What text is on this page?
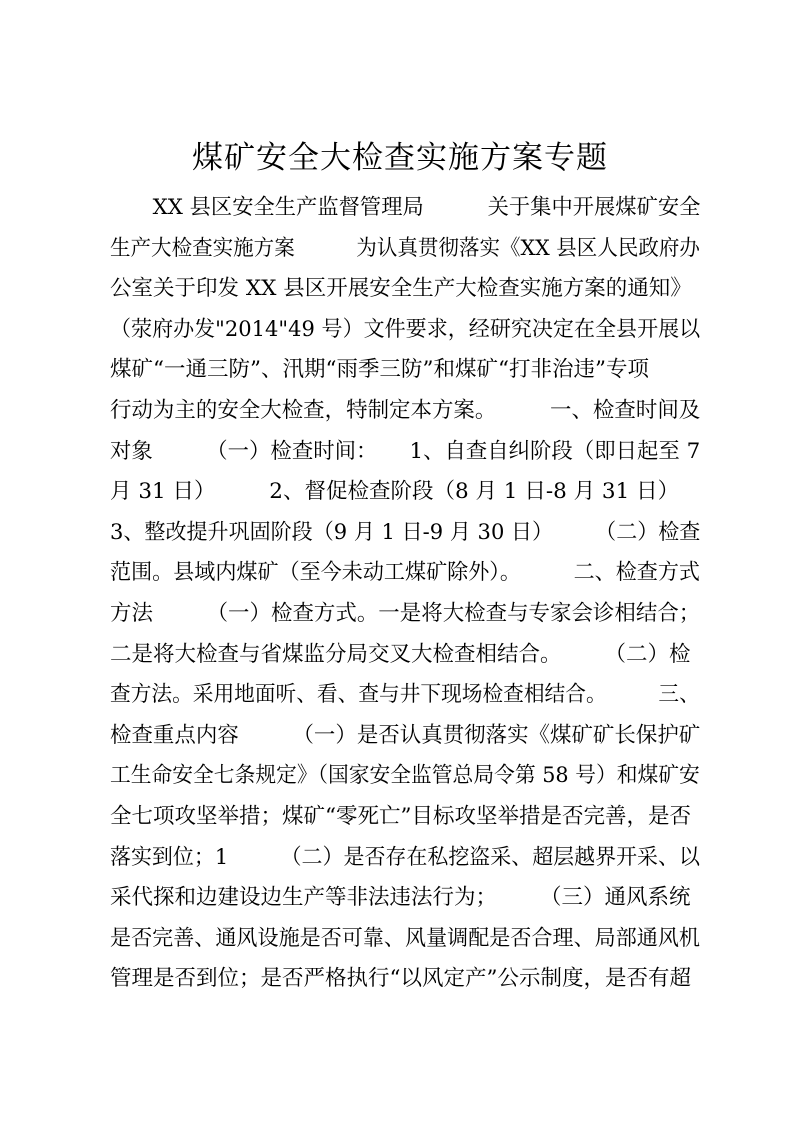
煤矿安全大检查实施方案专题
　　XX 县区安全生产监督管理局　　　关于集中开展煤矿安全
生产大检查实施方案　　　为认真贯彻落实《XX 县区人民政府办
公室关于印发 XX 县区开展安全生产大检查实施方案的通知》
（荥府办发"2014"49 号）文件要求，经研究决定在全县开展以
煤矿“一通三防”、汛期“雨季三防”和煤矿“打非治违”专项
行动为主的安全大检查，特制定本方案。　　　一、检查时间及
对象　　　（一）检查时间：　　1、自查自纠阶段（即日起至 7
月 31 日）　　　2、督促检查阶段（8 月 1 日-8 月 31 日）
3、整改提升巩固阶段（9 月 1 日-9 月 30 日）　　　（二）检查
范围。县域内煤矿（至今未动工煤矿除外）。　　　二、检查方式
方法　　　（一）检查方式。一是将大检查与专家会诊相结合；
二是将大检查与省煤监分局交叉大检查相结合。　　　（二）检
查方法。采用地面听、看、查与井下现场检查相结合。　　　三、
检查重点内容　　　（一）是否认真贯彻落实《煤矿矿长保护矿
工生命安全七条规定》（国家安全监管总局令第 58 号）和煤矿安
全七项攻坚举措；煤矿“零死亡”目标攻坚举措是否完善，是否
落实到位；1　　　（二）是否存在私挖盗采、超层越界开采、以
采代探和边建设边生产等非法违法行为；　　　（三）通风系统
是否完善、通风设施是否可靠、风量调配是否合理、局部通风机
管理是否到位；是否严格执行“以风定产”公示制度，是否有超
